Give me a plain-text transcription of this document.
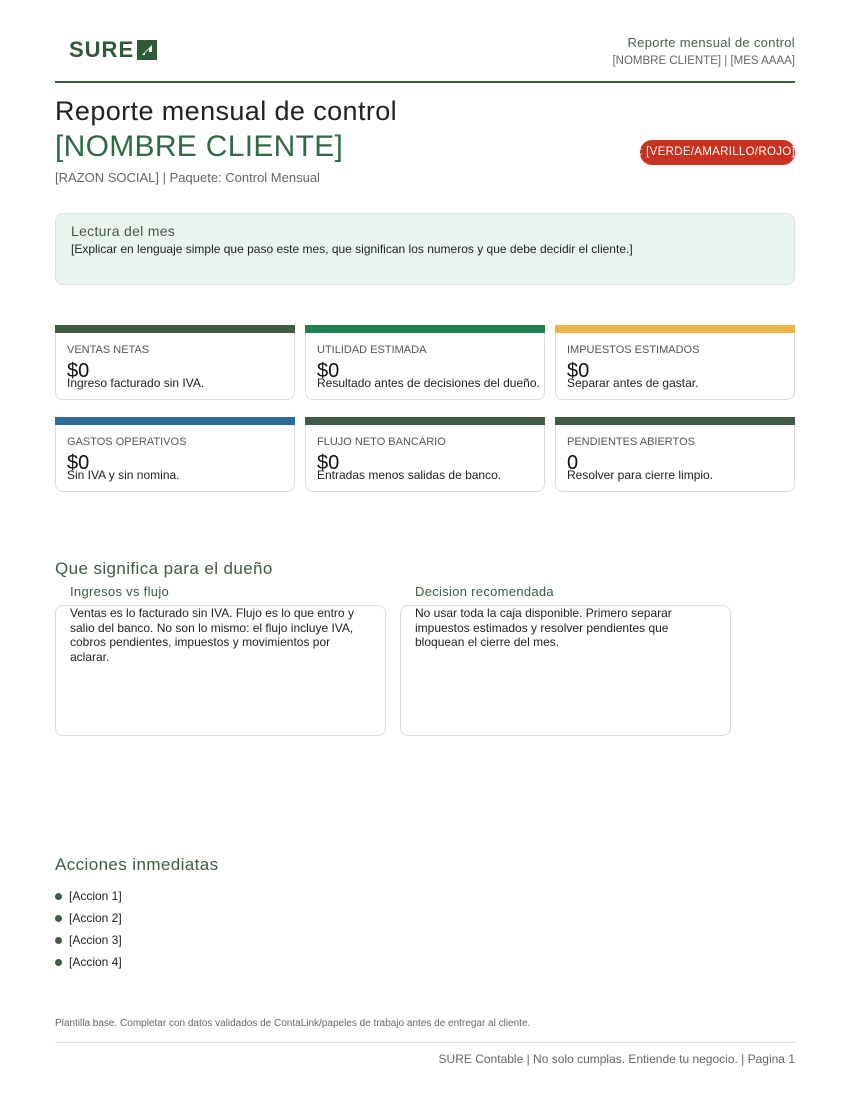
SURE	Reporte mensual de control
[NOMBRE CLIENTE] | [MES AAAA]
Reporte mensual de control
[NOMBRE CLIENTE]
[RAZON SOCIAL] | Paquete: Control Mensual
Semaforo: [VERDE/AMARILLO/ROJO]
Lectura del mes
[Explicar en lenguaje simple que paso este mes, que significan los numeros y que debe decidir el cliente.]
VENTAS NETAS
$0
Ingreso facturado sin IVA.
UTILIDAD ESTIMADA
$0
Resultado antes de decisiones del dueño.
IMPUESTOS ESTIMADOS
$0
Separar antes de gastar.
GASTOS OPERATIVOS
$0
Sin IVA y sin nomina.
FLUJO NETO BANCARIO
$0
Entradas menos salidas de banco.
PENDIENTES ABIERTOS
0
Resolver para cierre limpio.
Que significa para el dueño
Ingresos vs flujo
Ventas es lo facturado sin IVA. Flujo es lo que entro y salio del banco. No son lo mismo: el flujo incluye IVA, cobros pendientes, impuestos y movimientos por aclarar.
Decision recomendada
No usar toda la caja disponible. Primero separar impuestos estimados y resolver pendientes que bloquean el cierre del mes.
Acciones inmediatas
[Accion 1]
[Accion 2]
[Accion 3]
[Accion 4]
Plantilla base. Completar con datos validados de ContaLink/papeles de trabajo antes de entregar al cliente.
SURE Contable | No solo cumplas. Entiende tu negocio. | Pagina 1
